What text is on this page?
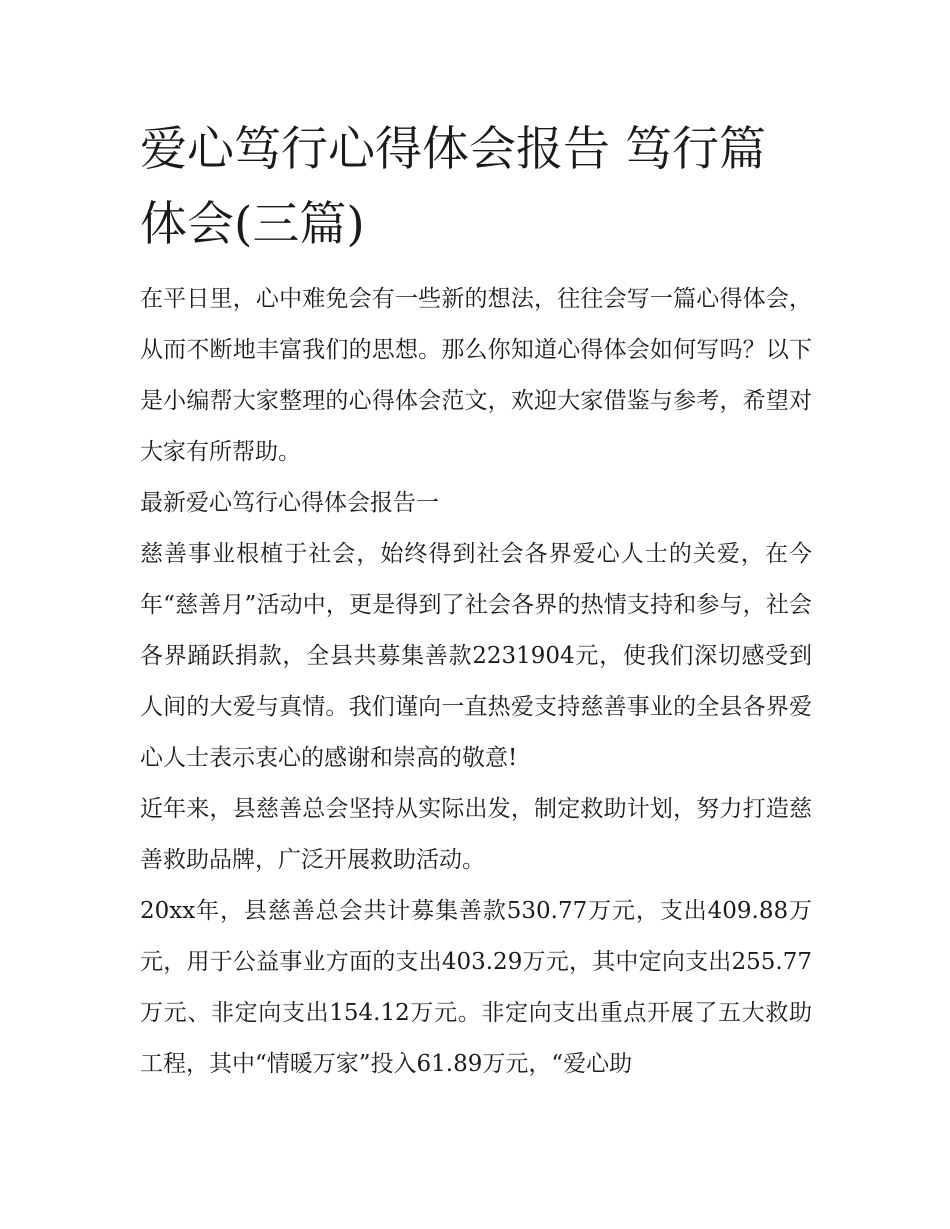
爱心笃行心得体会报告 笃行篇体会(三篇)

在平日里，心中难免会有一些新的想法，往往会写一篇心得体会，从而不断地丰富我们的思想。那么你知道心得体会如何写吗？以下是小编帮大家整理的心得体会范文，欢迎大家借鉴与参考，希望对大家有所帮助。

最新爱心笃行心得体会报告一

慈善事业根植于社会，始终得到社会各界爱心人士的关爱，在今年“慈善月”活动中，更是得到了社会各界的热情支持和参与，社会各界踊跃捐款，全县共募集善款2231904元，使我们深切感受到人间的大爱与真情。我们谨向一直热爱支持慈善事业的全县各界爱心人士表示衷心的感谢和崇高的敬意!

近年来，县慈善总会坚持从实际出发，制定救助计划，努力打造慈善救助品牌，广泛开展救助活动。

20xx年，县慈善总会共计募集善款530.77万元，支出409.88万元，用于公益事业方面的支出403.29万元，其中定向支出255.77万元、非定向支出154.12万元。非定向支出重点开展了五大救助工程，其中“情暖万家”投入61.89万元，“爱心助
